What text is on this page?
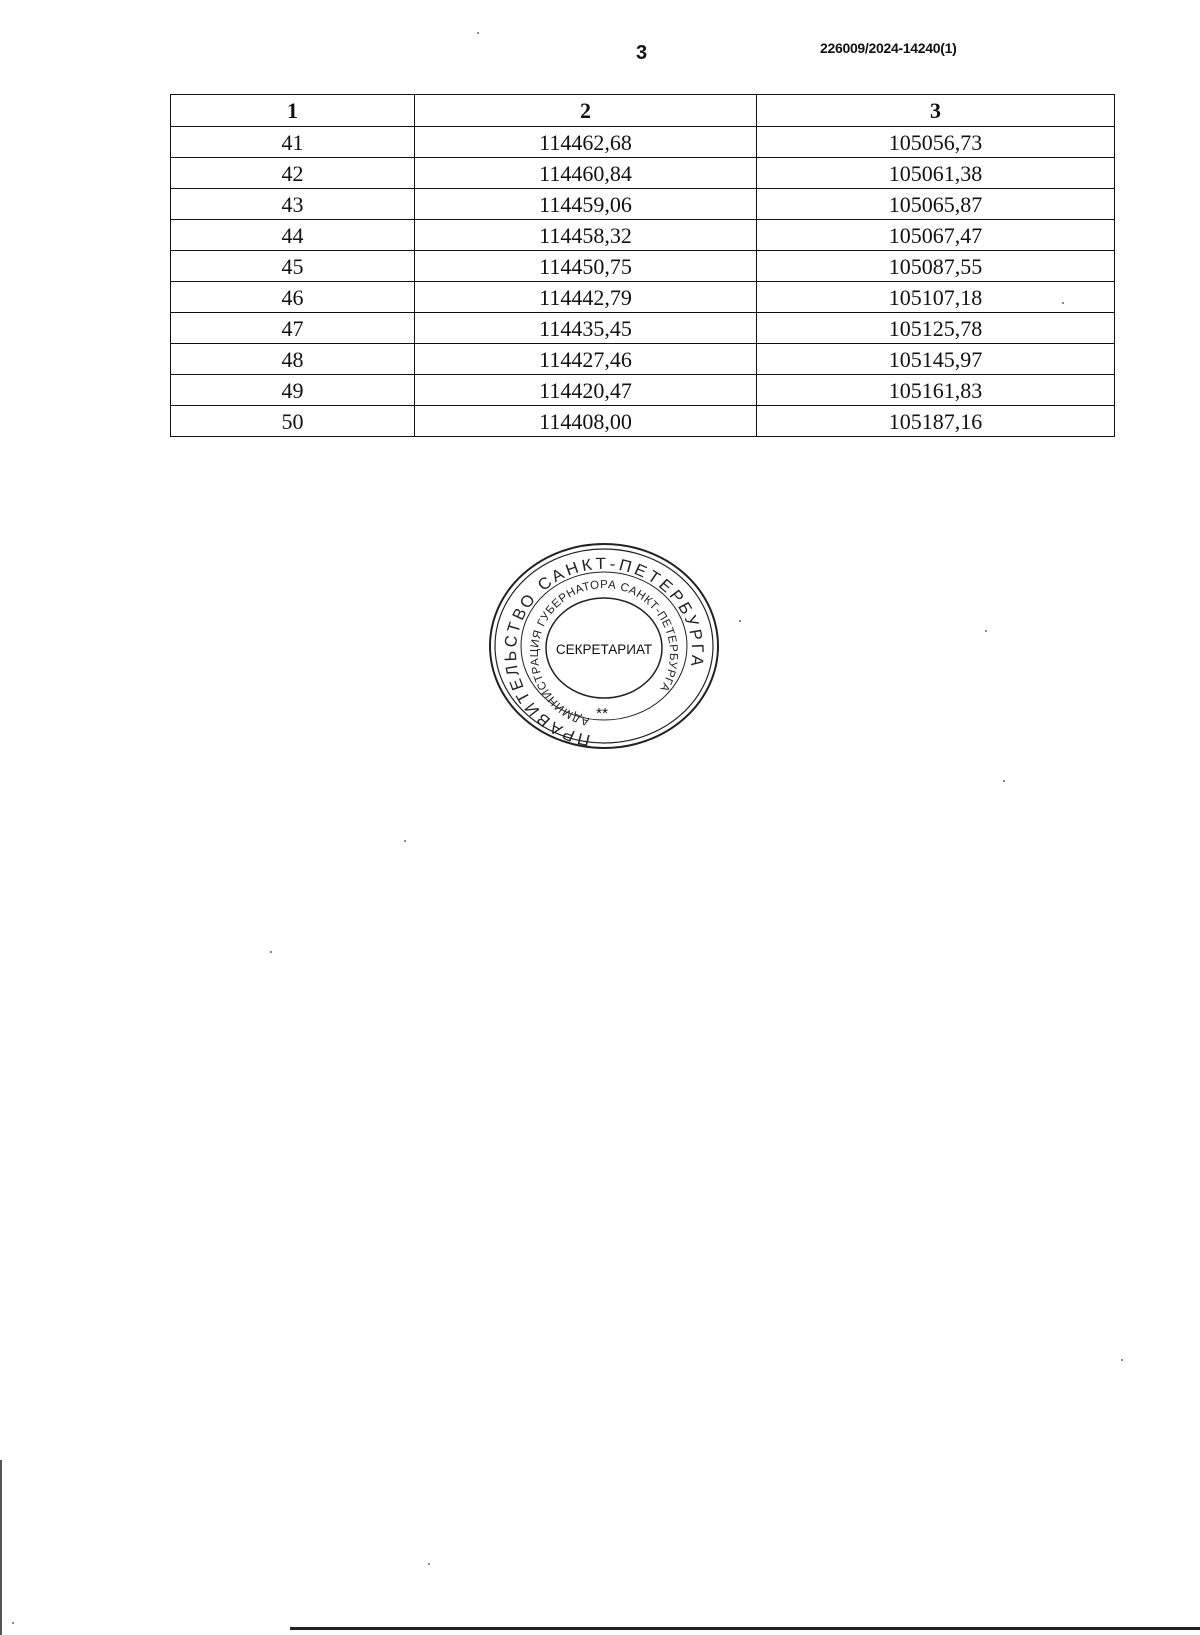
3	226009/2024-14240(1)
1	2	3
41	114462,68	105056,73
42	114460,84	105061,38
43	114459,06	105065,87
44	114458,32	105067,47
45	114450,75	105087,55
46	114442,79	105107,18
47	114435,45	105125,78
48	114427,46	105145,97
49	114420,47	105161,83
50	114408,00	105187,16
ПРАВИТЕЛЬСТВО САНКТ-ПЕТЕРБУРГА
АДМИНИСТРАЦИЯ ГУБЕРНАТОРА САНКТ-ПЕТЕРБУРГА
СЕКРЕТАРИАТ
* *
